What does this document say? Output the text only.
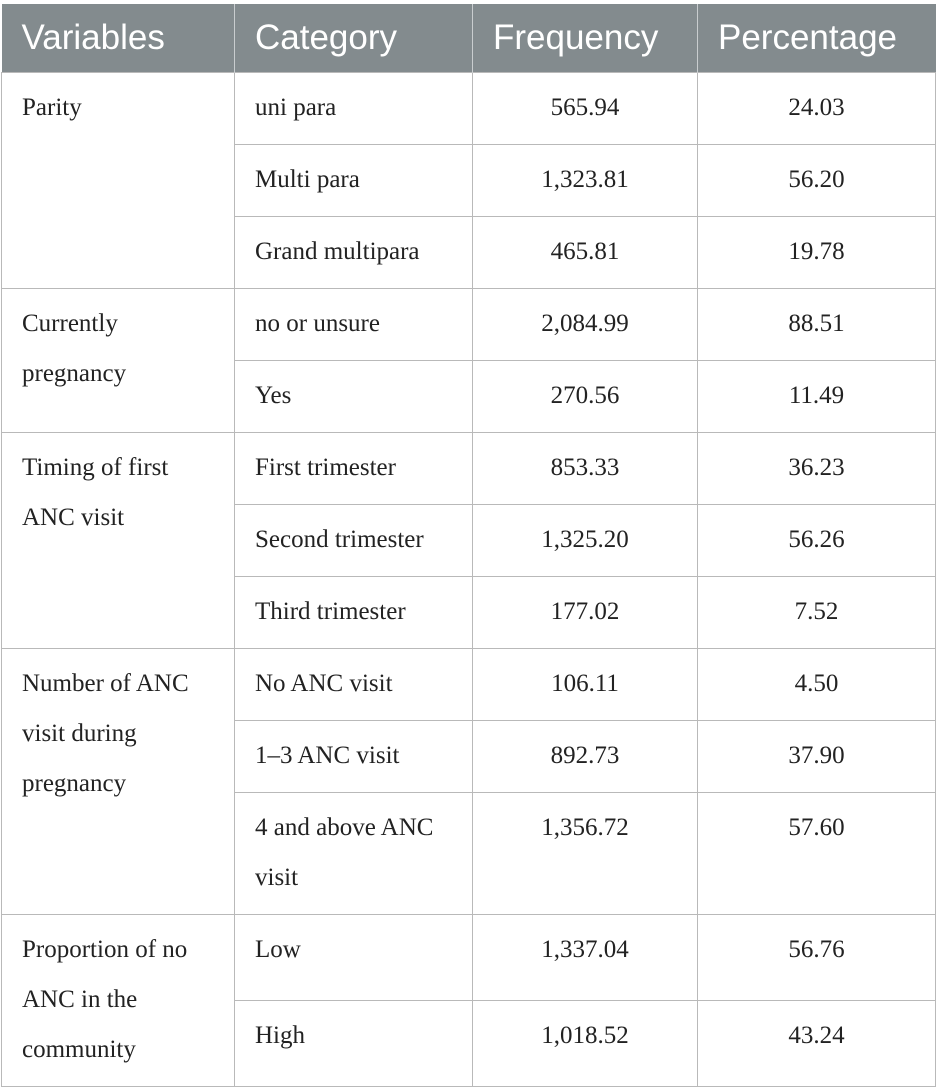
Variables	Category	Frequency	Percentage
Parity	uni para	565.94	24.03
	Multi para	1,323.81	56.20
	Grand multipara	465.81	19.78
Currently pregnancy	no or unsure	2,084.99	88.51
	Yes	270.56	11.49
Timing of first ANC visit	First trimester	853.33	36.23
	Second trimester	1,325.20	56.26
	Third trimester	177.02	7.52
Number of ANC visit during pregnancy	No ANC visit	106.11	4.50
	1–3 ANC visit	892.73	37.90
	4 and above ANC visit	1,356.72	57.60
Proportion of no ANC in the community	Low	1,337.04	56.76
	High	1,018.52	43.24
